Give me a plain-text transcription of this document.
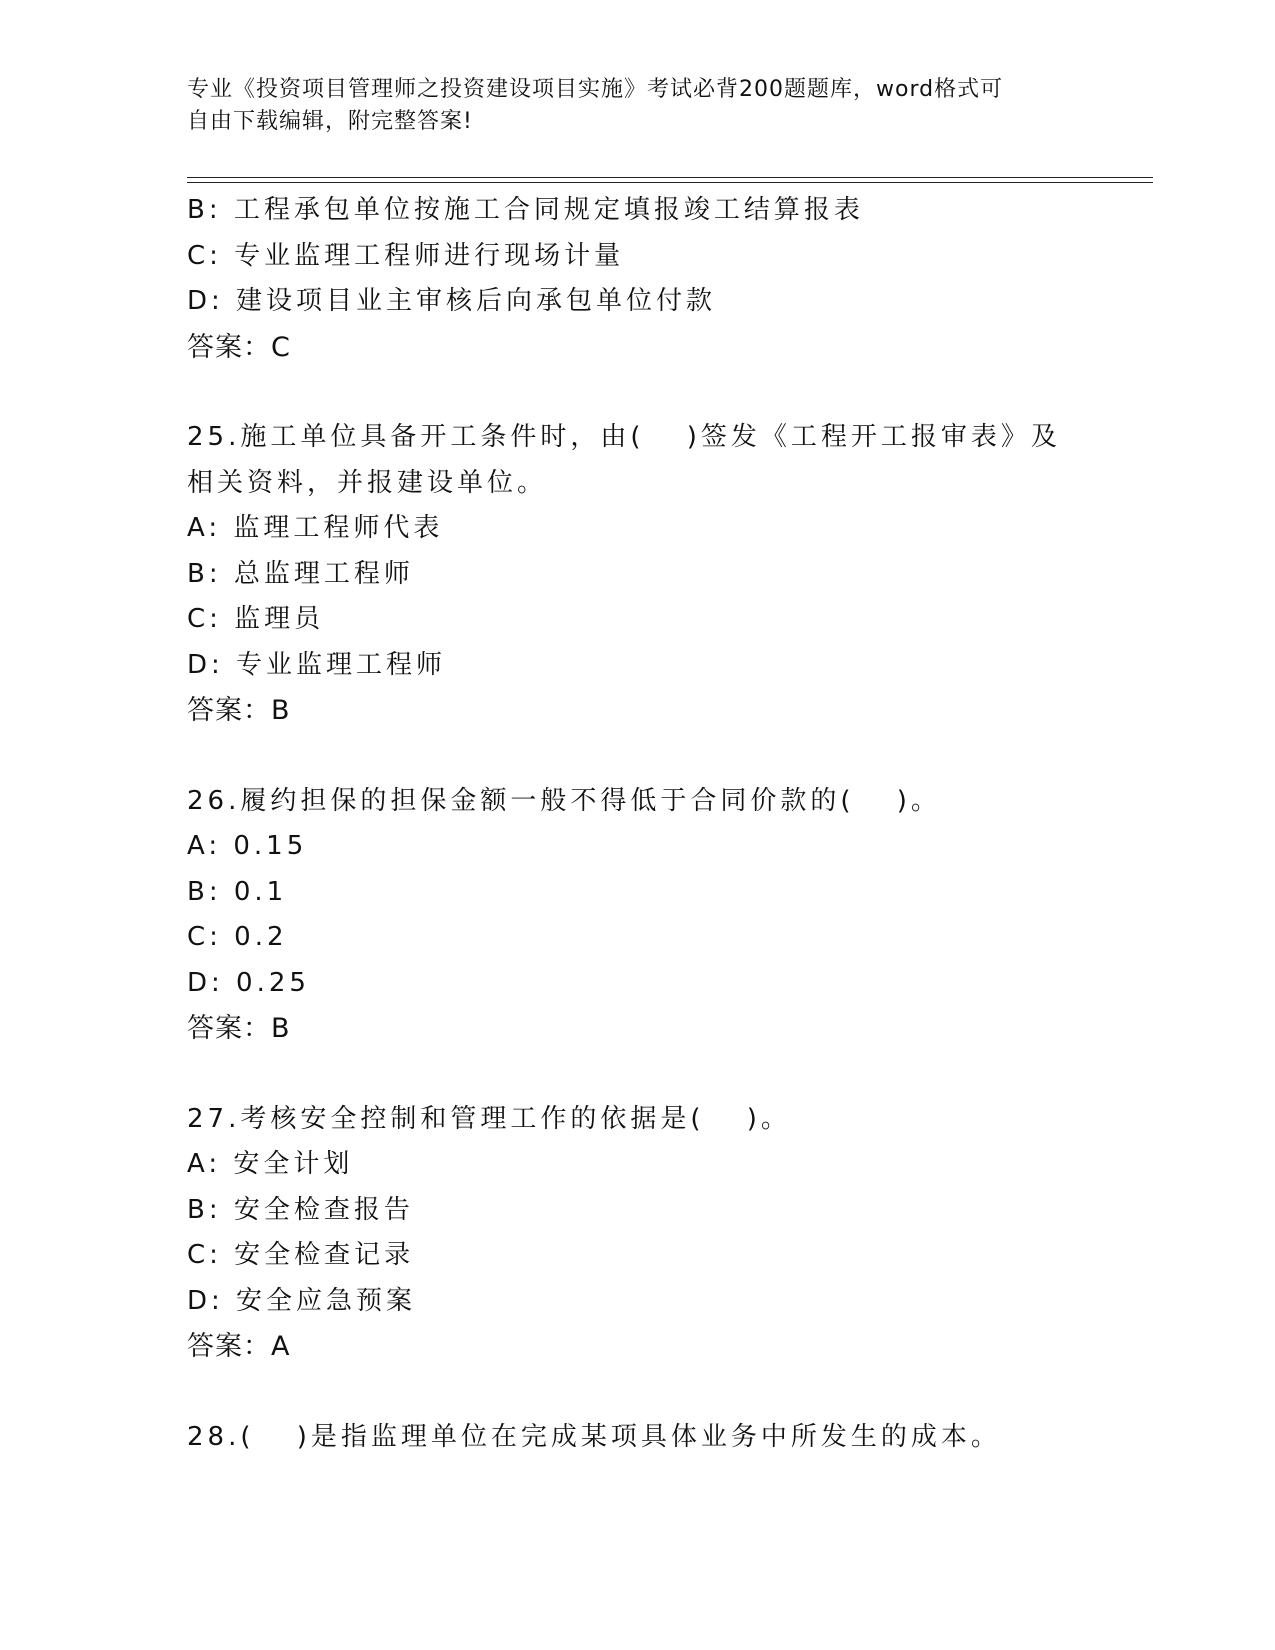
专业《投资项目管理师之投资建设项目实施》考试必背200题题库，word格式可
自由下载编辑，附完整答案!
B: 工程承包单位按施工合同规定填报竣工结算报表
C: 专业监理工程师进行现场计量
D: 建设项目业主审核后向承包单位付款
答案：C
25.施工单位具备开工条件时，由(　 )签发《工程开工报审表》及相关资料，并报建设单位。
A: 监理工程师代表
B: 总监理工程师
C: 监理员
D: 专业监理工程师
答案：B
26.履约担保的担保金额一般不得低于合同价款的(　 )。
A: 0.15
B: 0.1
C: 0.2
D: 0.25
答案：B
27.考核安全控制和管理工作的依据是(　 )。
A: 安全计划
B: 安全检查报告
C: 安全检查记录
D: 安全应急预案
答案：A
28.(　 )是指监理单位在完成某项具体业务中所发生的成本。
